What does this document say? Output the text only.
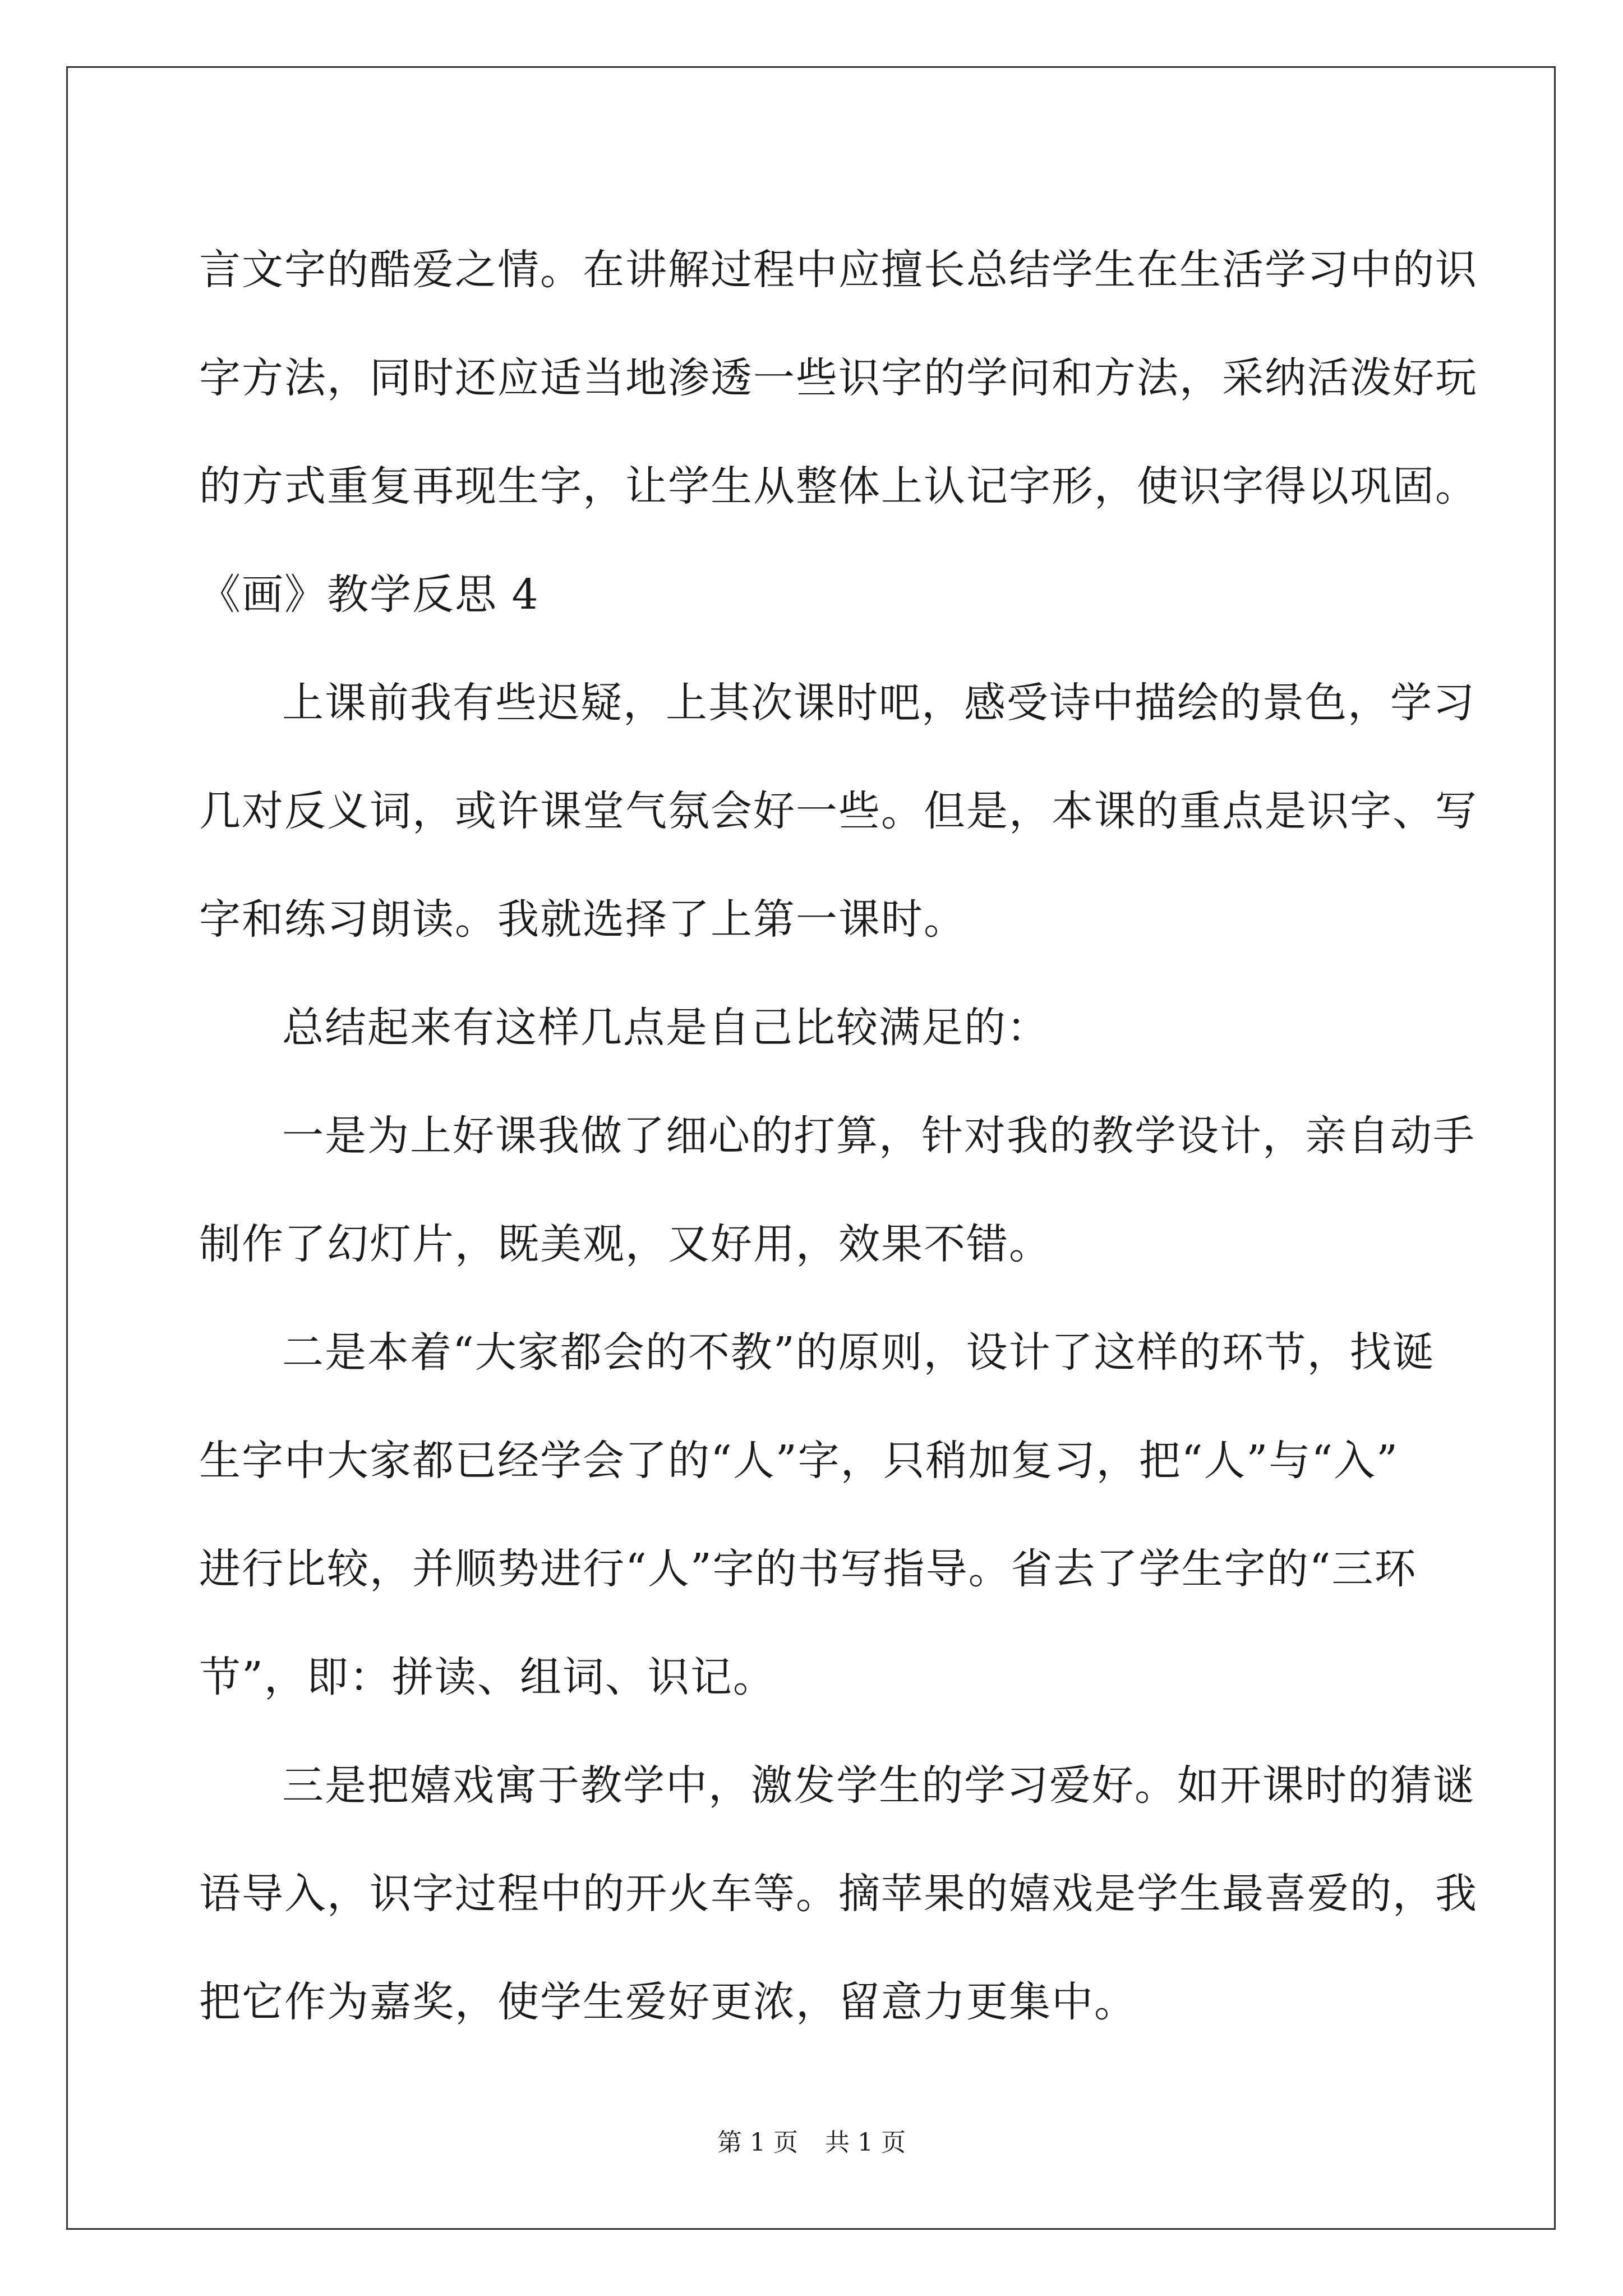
言文字的酷爱之情。在讲解过程中应擅长总结学生在生活学习中的识
字方法，同时还应适当地渗透一些识字的学问和方法，采纳活泼好玩
的方式重复再现生字，让学生从整体上认记字形，使识字得以巩固。
《画》教学反思 4
上课前我有些迟疑，上其次课时吧，感受诗中描绘的景色，学习
几对反义词，或许课堂气氛会好一些。但是，本课的重点是识字、写
字和练习朗读。我就选择了上第一课时。
总结起来有这样几点是自己比较满足的：
一是为上好课我做了细心的打算，针对我的教学设计，亲自动手
制作了幻灯片，既美观，又好用，效果不错。
二是本着“大家都会的不教”的原则，设计了这样的环节，找诞
生字中大家都已经学会了的“人”字，只稍加复习，把“人”与“入”
进行比较，并顺势进行“人”字的书写指导。省去了学生字的“三环
节”，即：拼读、组词、识记。
三是把嬉戏寓于教学中，激发学生的学习爱好。如开课时的猜谜
语导入，识字过程中的开火车等。摘苹果的嬉戏是学生最喜爱的，我
把它作为嘉奖，使学生爱好更浓，留意力更集中。
第 1 页 共 1 页
